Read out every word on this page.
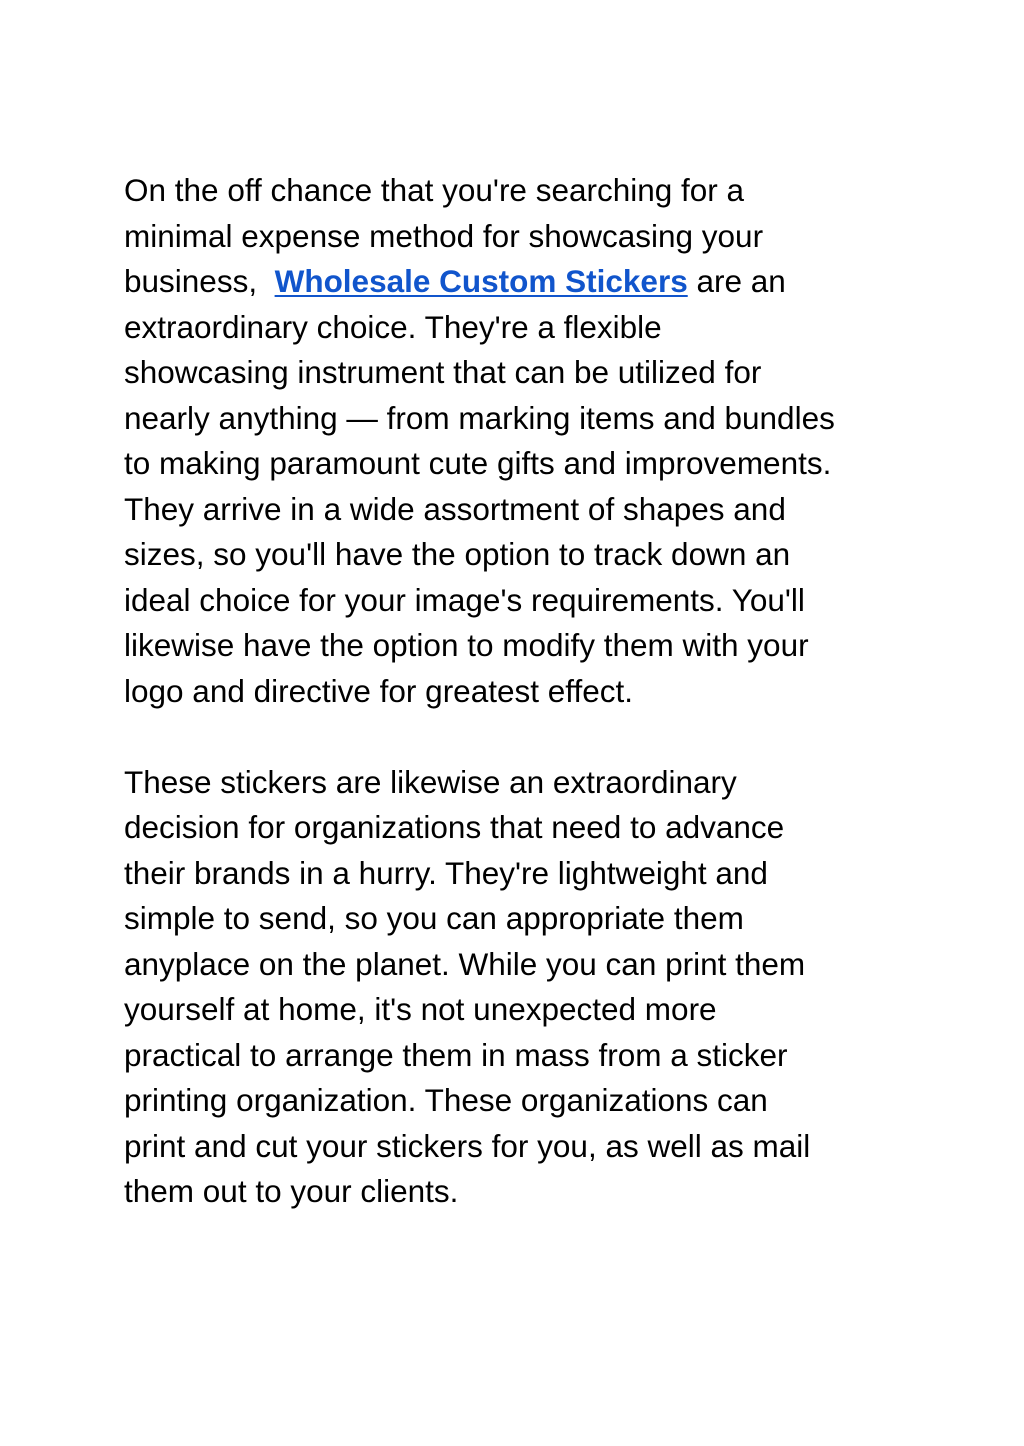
On the off chance that you're searching for a
minimal expense method for showcasing your
business,  Wholesale Custom Stickers are an
extraordinary choice. They're a flexible
showcasing instrument that can be utilized for
nearly anything — from marking items and bundles
to making paramount cute gifts and improvements.
They arrive in a wide assortment of shapes and
sizes, so you'll have the option to track down an
ideal choice for your image's requirements. You'll
likewise have the option to modify them with your
logo and directive for greatest effect.

These stickers are likewise an extraordinary
decision for organizations that need to advance
their brands in a hurry. They're lightweight and
simple to send, so you can appropriate them
anyplace on the planet. While you can print them
yourself at home, it's not unexpected more
practical to arrange them in mass from a sticker
printing organization. These organizations can
print and cut your stickers for you, as well as mail
them out to your clients.
